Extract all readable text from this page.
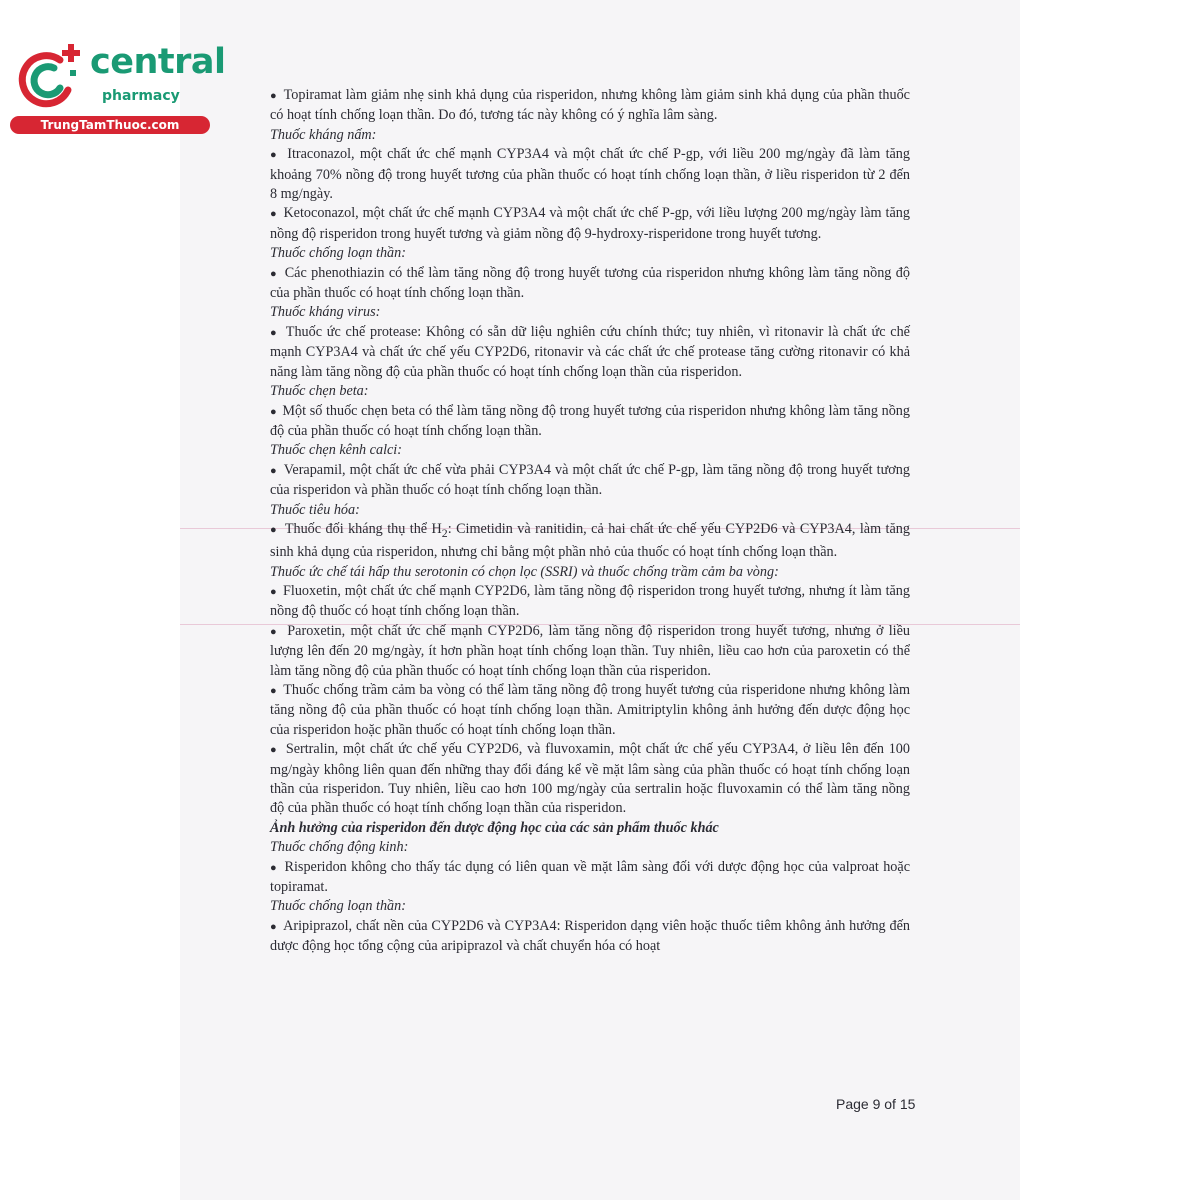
central
pharmacy
TrungTamThuoc.com

●  Topiramat làm giảm nhẹ sinh khả dụng của risperidon, nhưng không làm giảm sinh khả dụng của phần thuốc có hoạt tính chống loạn thần. Do đó, tương tác này không có ý nghĩa lâm sàng.

Thuốc kháng nấm:

●  Itraconazol, một chất ức chế mạnh CYP3A4 và một chất ức chế P-gp, với liều 200 mg/ngày đã làm tăng khoảng 70% nồng độ trong huyết tương của phần thuốc có hoạt tính chống loạn thần, ở liều risperidon từ 2 đến 8 mg/ngày.

●  Ketoconazol, một chất ức chế mạnh CYP3A4 và một chất ức chế P-gp, với liều lượng 200 mg/ngày làm tăng nồng độ risperidon trong huyết tương và giảm nồng độ 9-hydroxy-risperidone trong huyết tương.

Thuốc chống loạn thần:

●  Các phenothiazin có thể làm tăng nồng độ trong huyết tương của risperidon nhưng không làm tăng nồng độ của phần thuốc có hoạt tính chống loạn thần.

Thuốc kháng virus:

●  Thuốc ức chế protease: Không có sẵn dữ liệu nghiên cứu chính thức; tuy nhiên, vì ritonavir là chất ức chế mạnh CYP3A4 và chất ức chế yếu CYP2D6, ritonavir và các chất ức chế protease tăng cường ritonavir có khả năng làm tăng nồng độ của phần thuốc có hoạt tính chống loạn thần của risperidon.

Thuốc chẹn beta:

●  Một số thuốc chẹn beta có thể làm tăng nồng độ trong huyết tương của risperidon nhưng không làm tăng nồng độ của phần thuốc có hoạt tính chống loạn thần.

Thuốc chẹn kênh calci:

●  Verapamil, một chất ức chế vừa phải CYP3A4 và một chất ức chế P-gp, làm tăng nồng độ trong huyết tương của risperidon và phần thuốc có hoạt tính chống loạn thần.

Thuốc tiêu hóa:

●  Thuốc đối kháng thụ thể $H_2$: Cimetidin và ranitidin, cả hai chất ức chế yếu CYP2D6 và CYP3A4, làm tăng sinh khả dụng của risperidon, nhưng chỉ bằng một phần nhỏ của thuốc có hoạt tính chống loạn thần.

Thuốc ức chế tái hấp thu serotonin có chọn lọc (SSRI) và thuốc chống trầm cảm ba vòng:

●  Fluoxetin, một chất ức chế mạnh CYP2D6, làm tăng nồng độ risperidon trong huyết tương, nhưng ít làm tăng nồng độ thuốc có hoạt tính chống loạn thần.

●  Paroxetin, một chất ức chế mạnh CYP2D6, làm tăng nồng độ risperidon trong huyết tương, nhưng ở liều lượng lên đến 20 mg/ngày, ít hơn phần hoạt tính chống loạn thần. Tuy nhiên, liều cao hơn của paroxetin có thể làm tăng nồng độ của phần thuốc có hoạt tính chống loạn thần của risperidon.

●  Thuốc chống trầm cảm ba vòng có thể làm tăng nồng độ trong huyết tương của risperidone nhưng không làm tăng nồng độ của phần thuốc có hoạt tính chống loạn thần. Amitriptylin không ảnh hưởng đến dược động học của risperidon hoặc phần thuốc có hoạt tính chống loạn thần.

●  Sertralin, một chất ức chế yếu CYP2D6, và fluvoxamin, một chất ức chế yếu CYP3A4, ở liều lên đến 100 mg/ngày không liên quan đến những thay đổi đáng kể về mặt lâm sàng của phần thuốc có hoạt tính chống loạn thần của risperidon. Tuy nhiên, liều cao hơn 100 mg/ngày của sertralin hoặc fluvoxamin có thể làm tăng nồng độ của phần thuốc có hoạt tính chống loạn thần của risperidon.

Ảnh hưởng của risperidon đến dược động học của các sản phẩm thuốc khác

Thuốc chống động kinh:

●  Risperidon không cho thấy tác dụng có liên quan về mặt lâm sàng đối với dược động học của valproat hoặc topiramat.

Thuốc chống loạn thần:

●  Aripiprazol, chất nền của CYP2D6 và CYP3A4: Risperidon dạng viên hoặc thuốc tiêm không ảnh hưởng đến dược động học tổng cộng của aripiprazol và chất chuyển hóa có hoạt

Page 9 of 15
